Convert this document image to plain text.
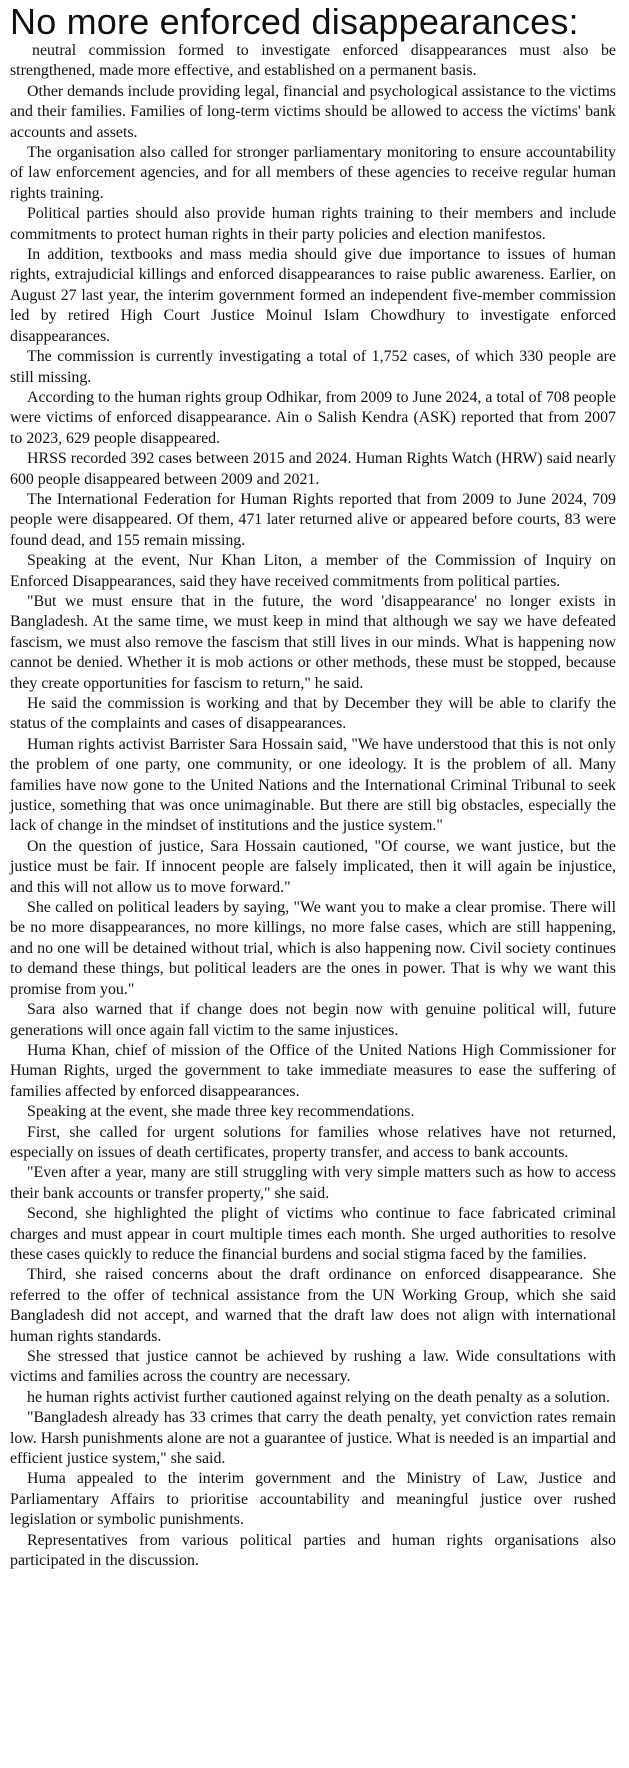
No more enforced disappearances:

neutral commission formed to investigate enforced disappearances must also be strengthened, made more effective, and established on a permanent basis.

Other demands include providing legal, financial and psychological assistance to the victims and their families. Families of long-term victims should be allowed to access the victims' bank accounts and assets.

The organisation also called for stronger parliamentary monitoring to ensure accountability of law enforcement agencies, and for all members of these agencies to receive regular human rights training.

Political parties should also provide human rights training to their members and include commitments to protect human rights in their party policies and election manifestos.

In addition, textbooks and mass media should give due importance to issues of human rights, extrajudicial killings and enforced disappearances to raise public awareness. Earlier, on August 27 last year, the interim government formed an independent five-member commission led by retired High Court Justice Moinul Islam Chowdhury to investigate enforced disappearances.

The commission is currently investigating a total of 1,752 cases, of which 330 people are still missing.

According to the human rights group Odhikar, from 2009 to June 2024, a total of 708 people were victims of enforced disappearance. Ain o Salish Kendra (ASK) reported that from 2007 to 2023, 629 people disappeared.

HRSS recorded 392 cases between 2015 and 2024. Human Rights Watch (HRW) said nearly 600 people disappeared between 2009 and 2021.

The International Federation for Human Rights reported that from 2009 to June 2024, 709 people were disappeared. Of them, 471 later returned alive or appeared before courts, 83 were found dead, and 155 remain missing.

Speaking at the event, Nur Khan Liton, a member of the Commission of Inquiry on Enforced Disappearances, said they have received commitments from political parties.

"But we must ensure that in the future, the word 'disappearance' no longer exists in Bangladesh. At the same time, we must keep in mind that although we say we have defeated fascism, we must also remove the fascism that still lives in our minds. What is happening now cannot be denied. Whether it is mob actions or other methods, these must be stopped, because they create opportunities for fascism to return," he said.

He said the commission is working and that by December they will be able to clarify the status of the complaints and cases of disappearances.

Human rights activist Barrister Sara Hossain said, "We have understood that this is not only the problem of one party, one community, or one ideology. It is the problem of all. Many families have now gone to the United Nations and the International Criminal Tribunal to seek justice, something that was once unimaginable. But there are still big obstacles, especially the lack of change in the mindset of institutions and the justice system."

On the question of justice, Sara Hossain cautioned, "Of course, we want justice, but the justice must be fair. If innocent people are falsely implicated, then it will again be injustice, and this will not allow us to move forward."

She called on political leaders by saying, "We want you to make a clear promise. There will be no more disappearances, no more killings, no more false cases, which are still happening, and no one will be detained without trial, which is also happening now. Civil society continues to demand these things, but political leaders are the ones in power. That is why we want this promise from you."

Sara also warned that if change does not begin now with genuine political will, future generations will once again fall victim to the same injustices.

Huma Khan, chief of mission of the Office of the United Nations High Commissioner for Human Rights, urged the government to take immediate measures to ease the suffering of families affected by enforced disappearances.

Speaking at the event, she made three key recommendations.

First, she called for urgent solutions for families whose relatives have not returned, especially on issues of death certificates, property transfer, and access to bank accounts.

"Even after a year, many are still struggling with very simple matters such as how to access their bank accounts or transfer property," she said.

Second, she highlighted the plight of victims who continue to face fabricated criminal charges and must appear in court multiple times each month. She urged authorities to resolve these cases quickly to reduce the financial burdens and social stigma faced by the families.

Third, she raised concerns about the draft ordinance on enforced disappearance. She referred to the offer of technical assistance from the UN Working Group, which she said Bangladesh did not accept, and warned that the draft law does not align with international human rights standards.

She stressed that justice cannot be achieved by rushing a law. Wide consultations with victims and families across the country are necessary.

he human rights activist further cautioned against relying on the death penalty as a solution.

"Bangladesh already has 33 crimes that carry the death penalty, yet conviction rates remain low. Harsh punishments alone are not a guarantee of justice. What is needed is an impartial and efficient justice system," she said.

Huma appealed to the interim government and the Ministry of Law, Justice and Parliamentary Affairs to prioritise accountability and meaningful justice over rushed legislation or symbolic punishments.

Representatives from various political parties and human rights organisations also participated in the discussion.
